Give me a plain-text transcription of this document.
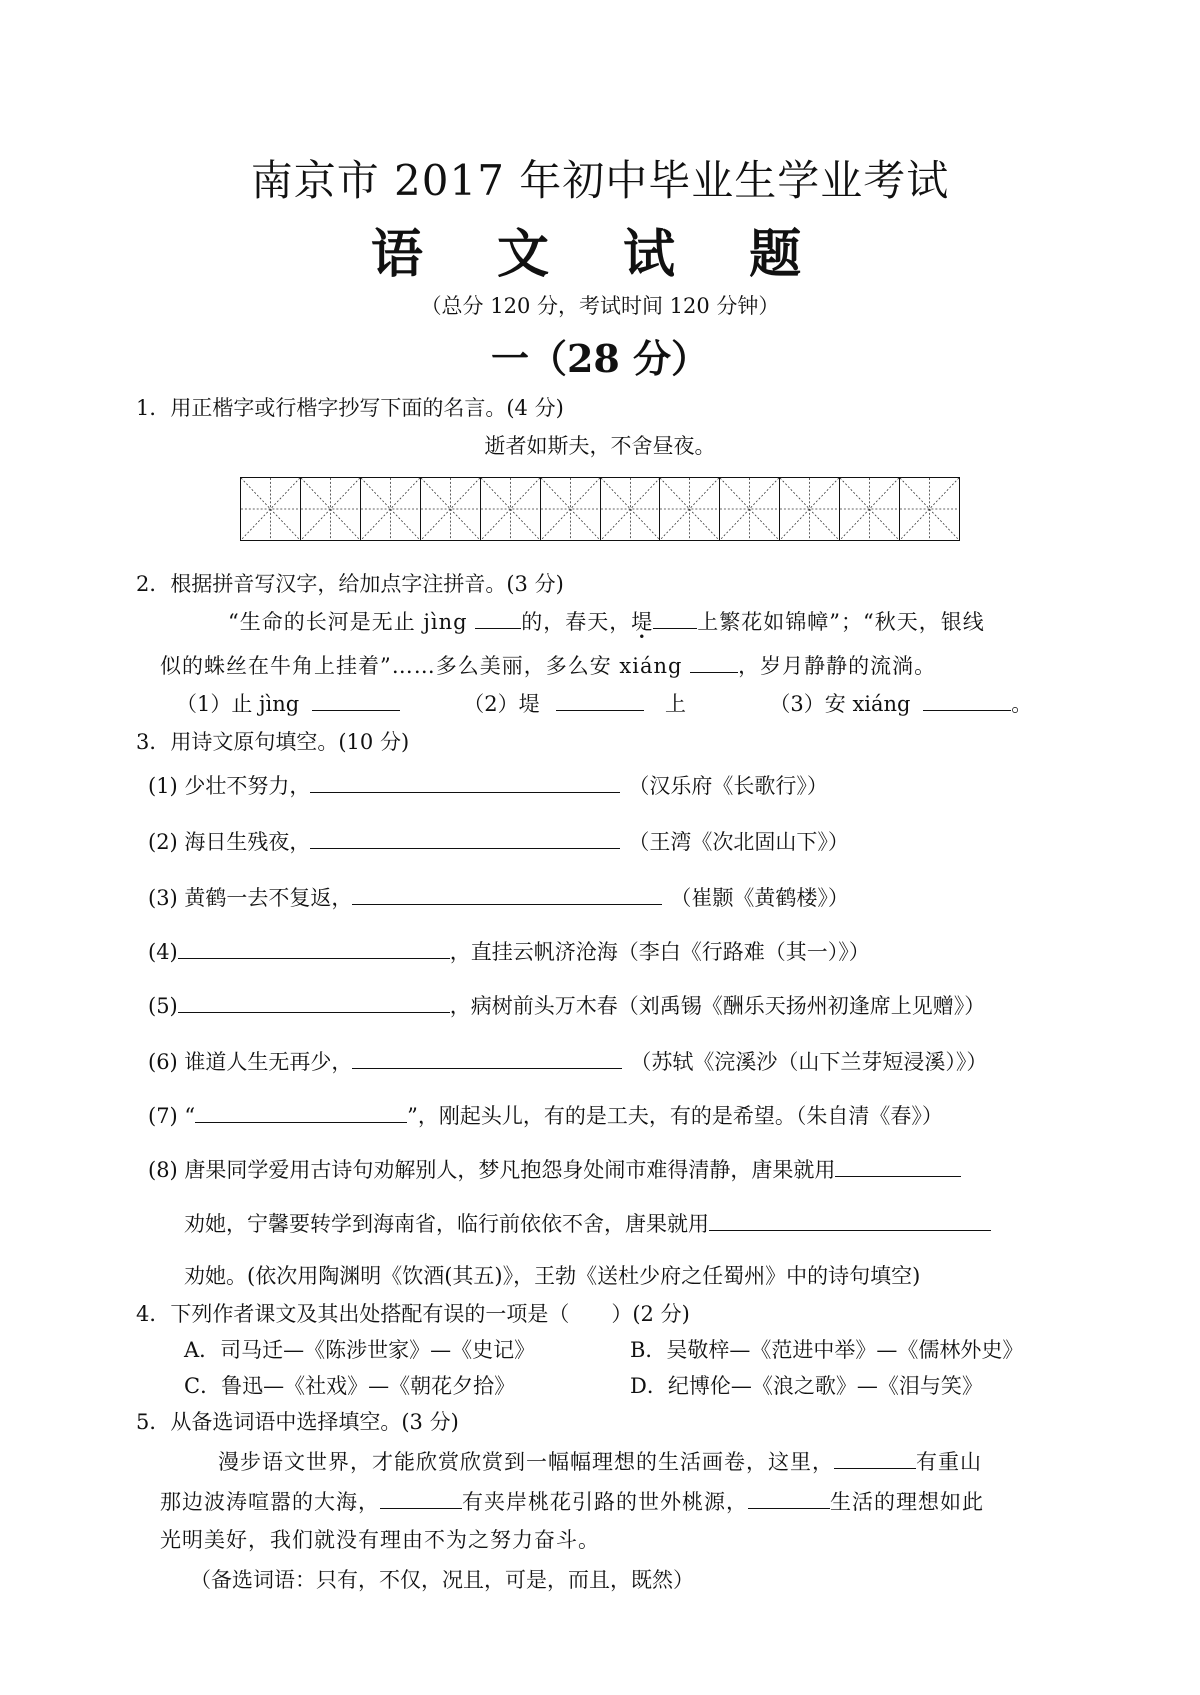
南京市 2017 年初中毕业生学业考试
语 文 试 题
（总分 120 分，考试时间 120 分钟）
一（28 分）
1．用正楷字或行楷字抄写下面的名言。(4 分)
逝者如斯夫，不舍昼夜。
2．根据拼音写汉字，给加点字注拼音。(3 分)
“生命的长河是无止 jìng 的，春天，堤 上繁花如锦幛”；“秋天，银线
似的蛛丝在牛角上挂着”……多么美丽，多么安 xiáng ，岁月静静的流淌。
（1）止 jìng	（2）堤	上	（3）安 xiáng	。
3．用诗文原句填空。(10 分)
(1) 少壮不努力，	（汉乐府《长歌行》）
(2) 海日生残夜，	（王湾《次北固山下》）
(3) 黄鹤一去不复返，	（崔颢《黄鹤楼》）
(4)	，直挂云帆济沧海（李白《行路难（其一）》）
(5)	，病树前头万木春（刘禹锡《酬乐天扬州初逢席上见赠》）
(6) 谁道人生无再少，	（苏轼《浣溪沙（山下兰芽短浸溪）》）
(7) “	”，刚起头儿，有的是工夫，有的是希望。（朱自清《春》）
(8) 唐果同学爱用古诗句劝解别人，梦凡抱怨身处闹市难得清静，唐果就用
劝她，宁馨要转学到海南省，临行前依依不舍，唐果就用
劝她。(依次用陶渊明《饮酒(其五)》，王勃《送杜少府之任蜀州》中的诗句填空)
4．下列作者课文及其出处搭配有误的一项是（　　）(2 分)
A．司马迁—《陈涉世家》—《史记》	B．吴敬梓—《范进中举》—《儒林外史》
C．鲁迅—《社戏》—《朝花夕拾》	D．纪博伦—《浪之歌》—《泪与笑》
5．从备选词语中选择填空。(3 分)
漫步语文世界，才能欣赏欣赏到一幅幅理想的生活画卷，这里，	有重山
那边波涛喧嚣的大海，	有夹岸桃花引路的世外桃源，	生活的理想如此
光明美好，我们就没有理由不为之努力奋斗。
（备选词语：只有，不仅，况且，可是，而且，既然）
